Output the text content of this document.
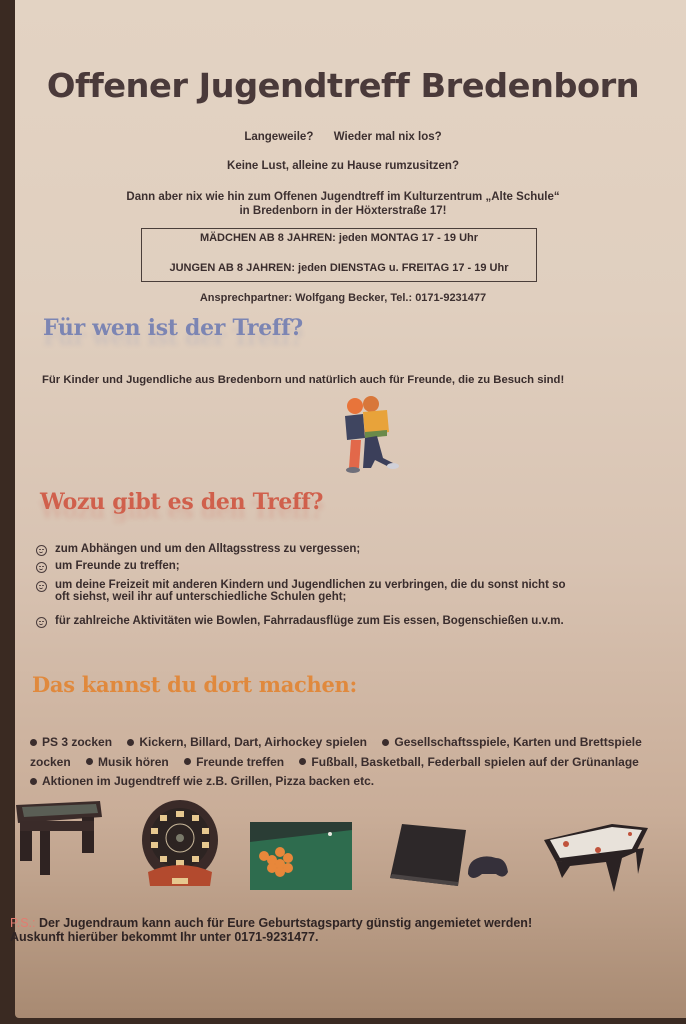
Offener Jugendtreff Bredenborn
Langeweile? Wieder mal nix los?
Keine Lust, alleine zu Hause rumzusitzen?
Dann aber nix wie hin zum Offenen Jugendtreff im Kulturzentrum „Alte Schule“
in Bredenborn in der Höxterstraße 17!
MÄDCHEN AB 8 JAHREN: jeden MONTAG 17 - 19 Uhr
JUNGEN AB 8 JAHREN: jeden DIENSTAG u. FREITAG 17 - 19 Uhr
Ansprechpartner: Wolfgang Becker, Tel.: 0171-9231477
Für wen ist der Treff?
Für Kinder und Jugendliche aus Bredenborn und natürlich auch für Freunde, die zu Besuch sind!
Wozu gibt es den Treff?
zum Abhängen und um den Alltagsstress zu vergessen;
um Freunde zu treffen;
um deine Freizeit mit anderen Kindern und Jugendlichen zu verbringen, die du sonst nicht so
oft siehst, weil ihr auf unterschiedliche Schulen geht;
für zahlreiche Aktivitäten wie Bowlen, Fahrradausflüge zum Eis essen, Bogenschießen u.v.m.
Das kannst du dort machen:
PS 3 zocken Kickern, Billard, Dart, Airhockey spielen Gesellschaftsspiele, Karten und Brettspiele zocken Musik hören Freunde treffen Fußball, Basketball, Federball spielen auf der Grünanlage Aktionen im Jugendtreff wie z.B. Grillen, Pizza backen etc.
P.S.: Der Jugendraum kann auch für Eure Geburtstagsparty günstig angemietet werden!
Auskunft hierüber bekommt Ihr unter 0171-9231477.
